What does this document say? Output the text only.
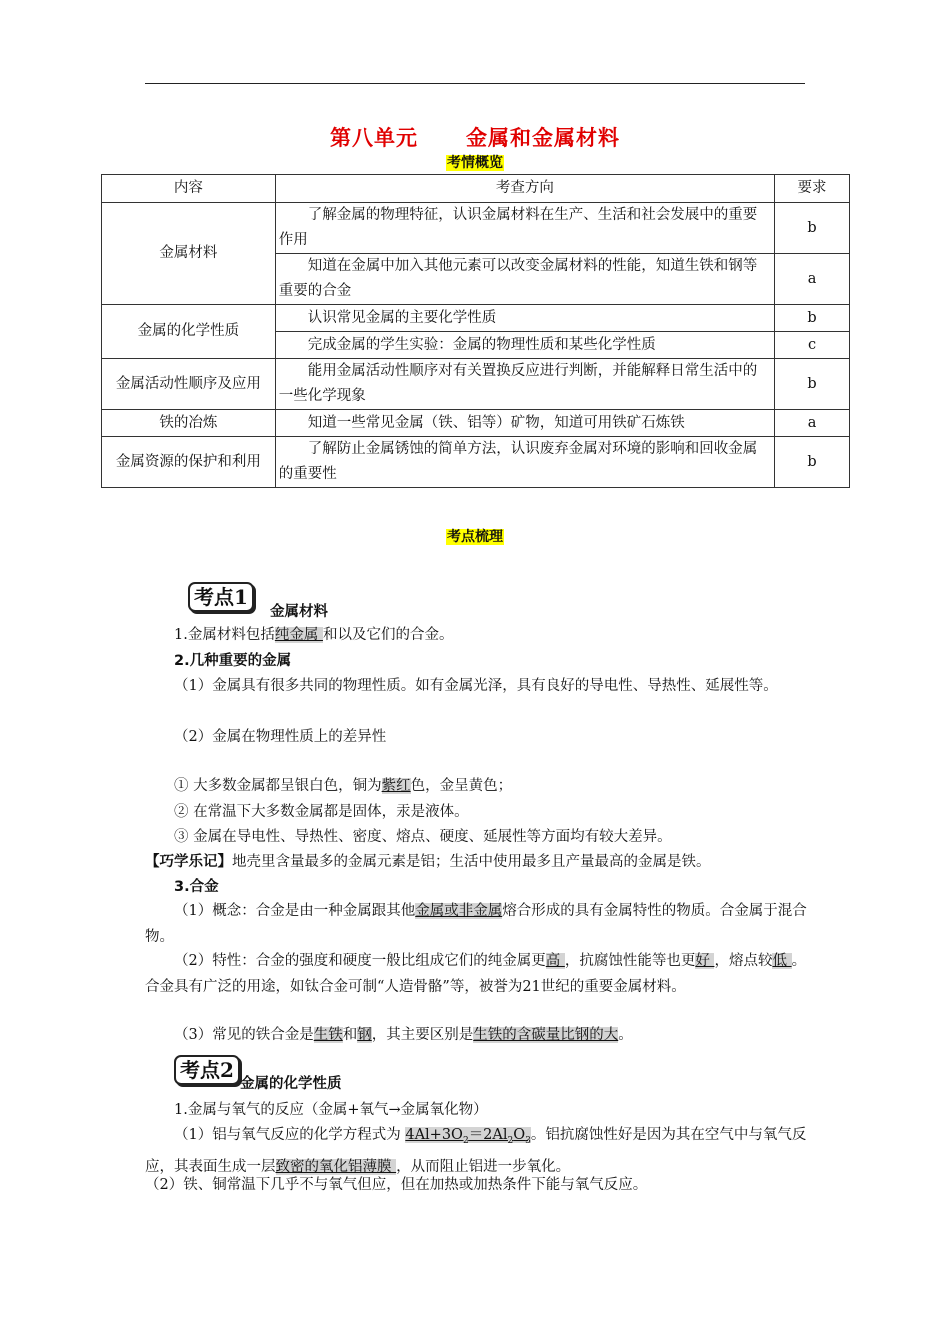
第八单元 金属和金属材料
考情概览
内容	考查方向	要求
金属材料	了解金属的物理特征，认识金属材料在生产、生活和社会发展中的重要作用	b
	知道在金属中加入其他元素可以改变金属材料的性能，知道生铁和钢等重要的合金	a
金属的化学性质	认识常见金属的主要化学性质	b
	完成金属的学生实验：金属的物理性质和某些化学性质	c
金属活动性顺序及应用	能用金属活动性顺序对有关置换反应进行判断，并能解释日常生活中的一些化学现象	b
铁的冶炼	知道一些常见金属（铁、铝等）矿物，知道可用铁矿石炼铁	a
金属资源的保护和利用	了解防止金属锈蚀的简单方法，认识废弃金属对环境的影响和回收金属的重要性	b
考点梳理
考点1
金属材料
1.金属材料包括纯金属 和以及它们的合金。
2.几种重要的金属
（1）金属具有很多共同的物理性质。如有金属光泽，具有良好的导电性、导热性、延展性等。
（2）金属在物理性质上的差异性
① 大多数金属都呈银白色，铜为紫红色，金呈黄色；
② 在常温下大多数金属都是固体，汞是液体。
③ 金属在导电性、导热性、密度、熔点、硬度、延展性等方面均有较大差异。
【巧学乐记】地壳里含量最多的金属元素是铝；生活中使用最多且产量最高的金属是铁。
3.合金
（1）概念：合金是由一种金属跟其他金属或非金属熔合形成的具有金属特性的物质。合金属于混合物。
（2）特性：合金的强度和硬度一般比组成它们的纯金属更高 ，抗腐蚀性能等也更好 ，熔点较低 。合金具有广泛的用途，如钛合金可制“人造骨骼”等，被誉为21世纪的重要金属材料。
（3）常见的铁合金是生铁和钢，其主要区别是生铁的含碳量比钢的大。
考点2
金属的化学性质
1.金属与氧气的反应（金属+氧气→金属氧化物）
（1）铝与氧气反应的化学方程式为 $4Al+3O_2=2Al_2O_3$。铝抗腐蚀性好是因为其在空气中与氧气反应，其表面生成一层致密的氧化铝薄膜 ，从而阻止铝进一步氧化。
（2）铁、铜常温下几乎不与氧气但应，但在加热或加热条件下能与氧气反应。
